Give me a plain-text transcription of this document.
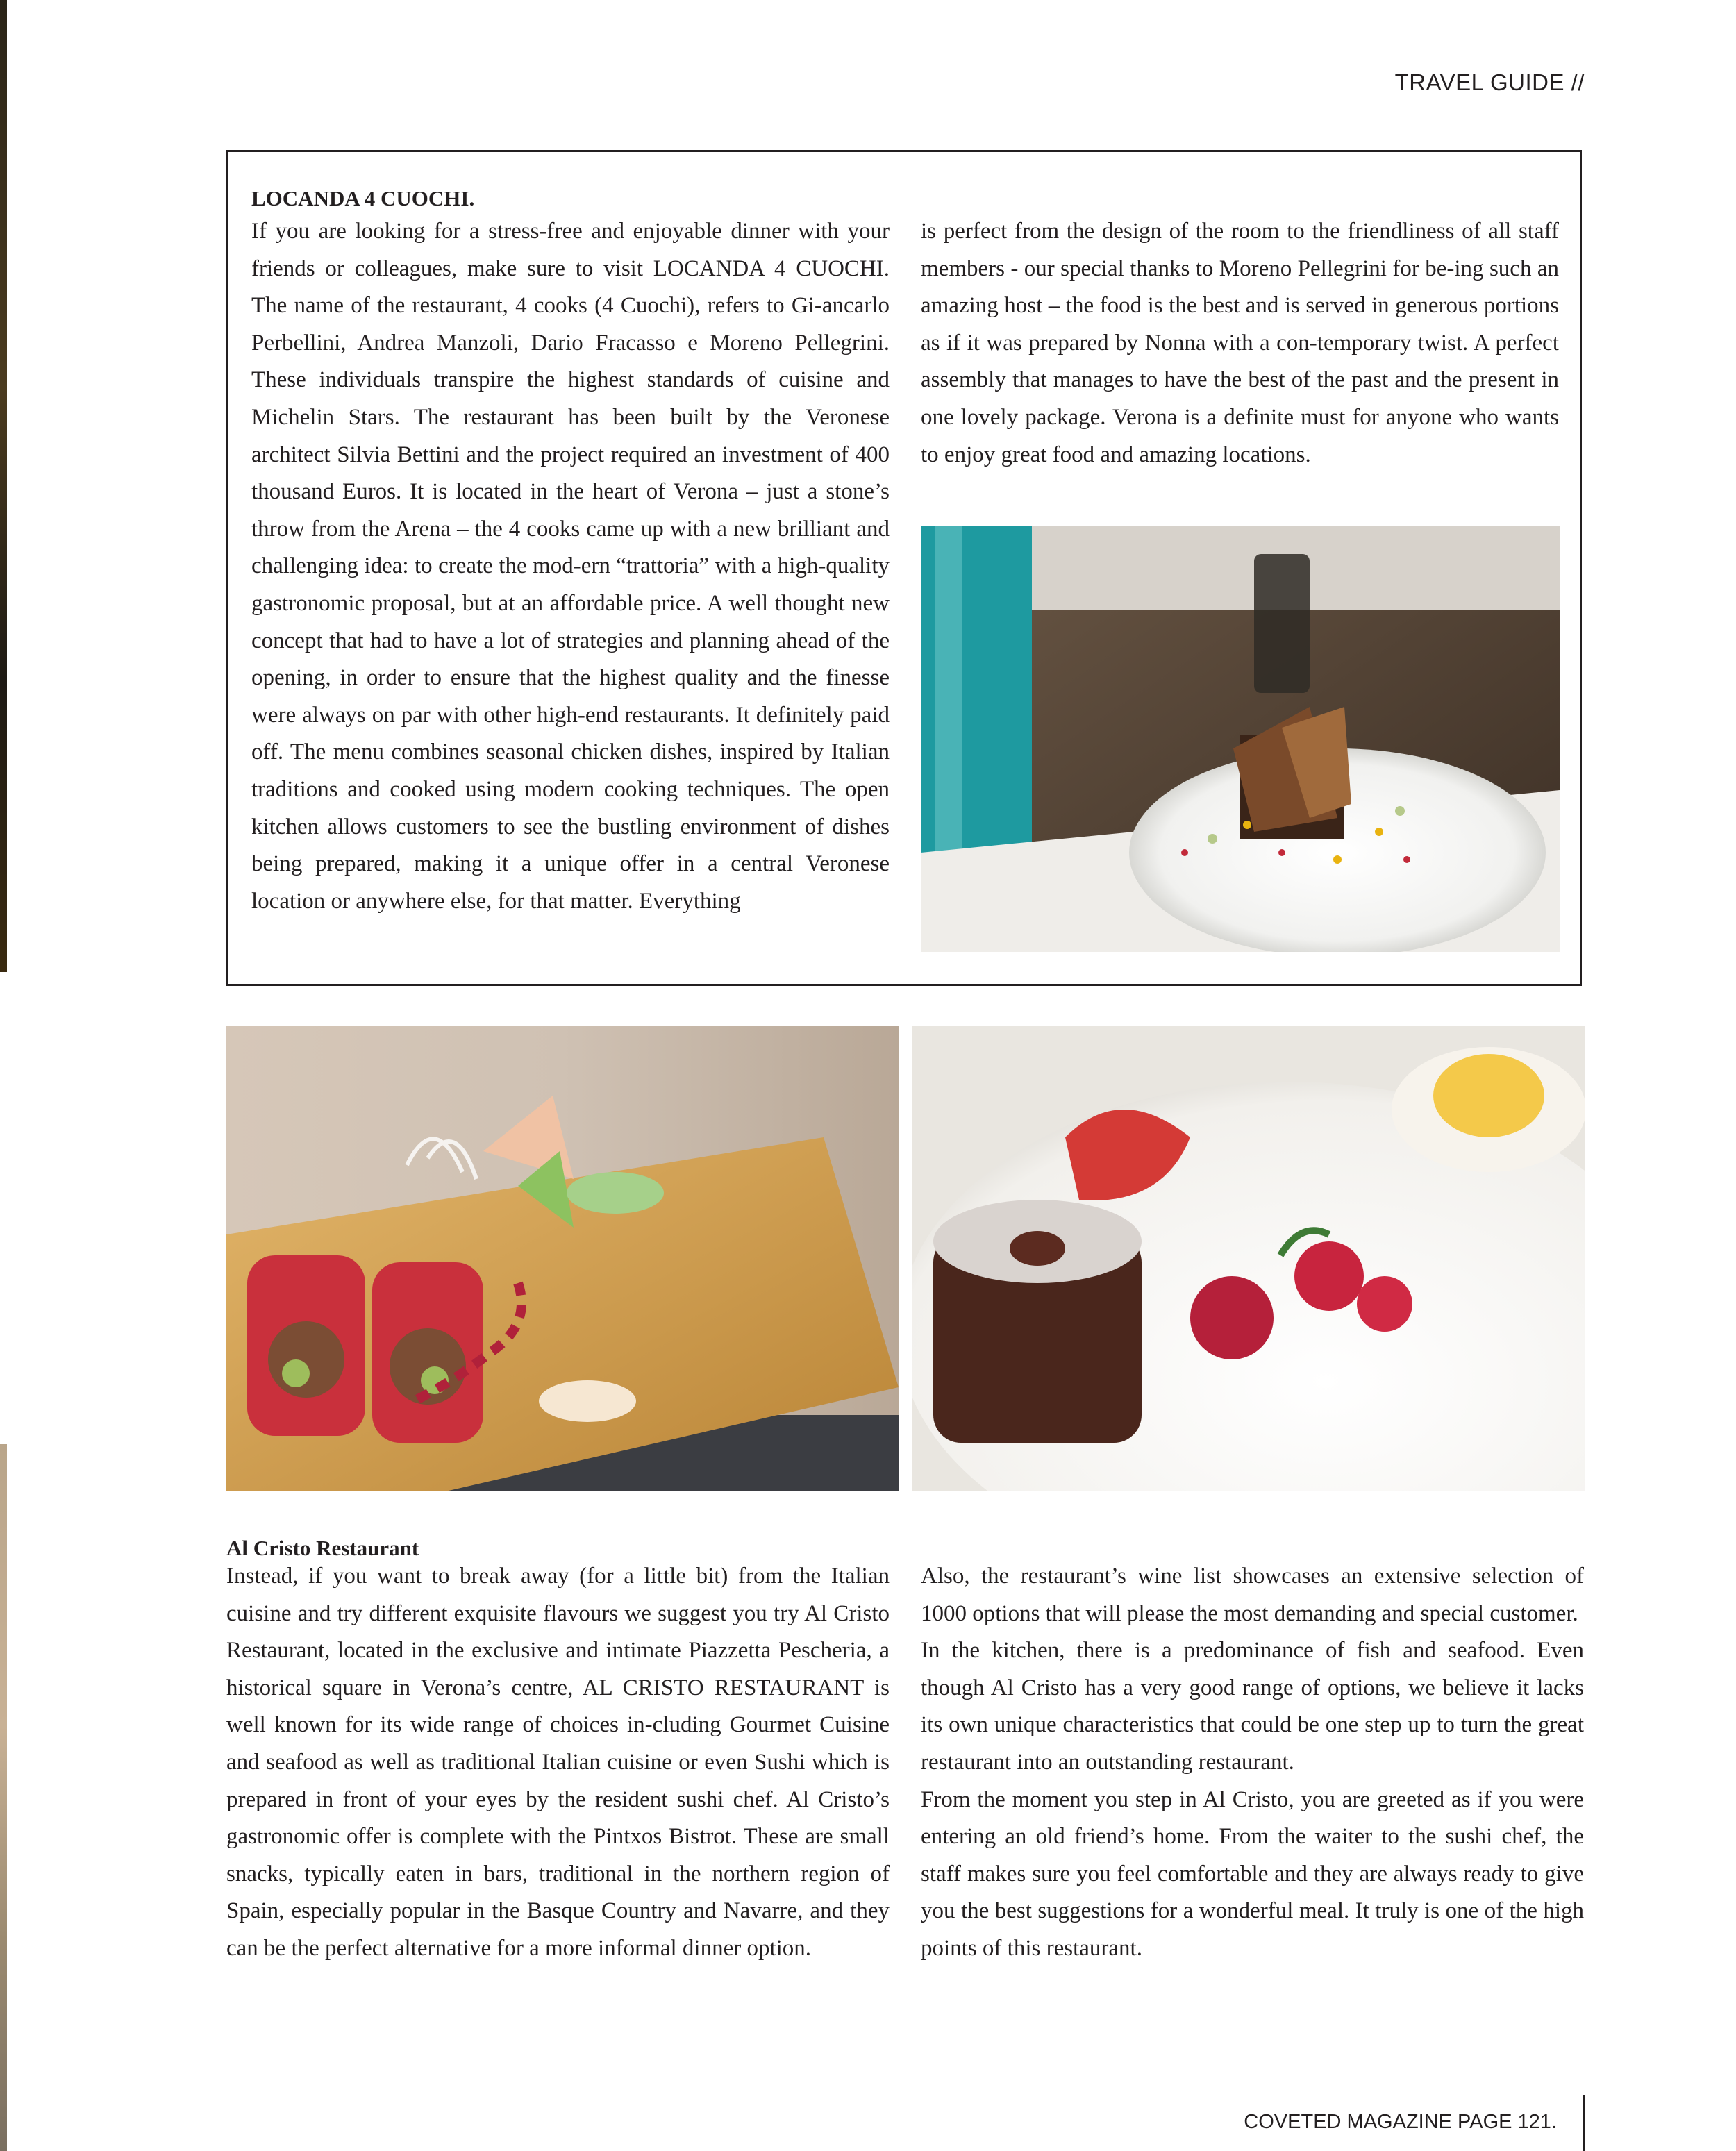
TRAVEL GUIDE //
LOCANDA 4 CUOCHI.
If you are looking for a stress-free and enjoyable dinner with your friends or colleagues, make sure to visit LOCANDA 4 CUOCHI. The name of the restaurant, 4 cooks (4 Cuochi), refers to Gi-ancarlo Perbellini, Andrea Manzoli, Dario Fracasso e Moreno Pellegrini. These individuals transpire the highest standards of cuisine and Michelin Stars. The restaurant has been built by the Veronese architect Silvia Bettini and the project required an investment of 400 thousand Euros. It is located in the heart of Verona – just a stone’s throw from the Arena – the 4 cooks came up with a new brilliant and challenging idea: to create the mod-ern “trattoria” with a high-quality gastronomic proposal, but at an affordable price. A well thought new concept that had to have a lot of strategies and planning ahead of the opening, in order to ensure that the highest quality and the finesse were always on par with other high-end restaurants. It definitely paid off. The menu combines seasonal chicken dishes, inspired by Italian traditions and cooked using modern cooking techniques. The open kitchen allows customers to see the bustling environment of dishes being prepared, making it a unique offer in a central Veronese location or anywhere else, for that matter. Everything
is perfect from the design of the room to the friendliness of all staff members - our special thanks to Moreno Pellegrini for be-ing such an amazing host – the food is the best and is served in generous portions as if it was prepared by Nonna with a con-temporary twist. A perfect assembly that manages to have the best of the past and the present in one lovely package. Verona is a definite must for anyone who wants to enjoy great food and amazing locations.
Al Cristo Restaurant
Instead, if you want to break away (for a little bit) from the Italian cuisine and try different exquisite flavours we suggest you try Al Cristo Restaurant, located in the exclusive and intimate Piazzetta Pescheria, a historical square in Verona’s centre, AL CRISTO RESTAURANT is well known for its wide range of choices in-cluding Gourmet Cuisine and seafood as well as traditional Italian cuisine or even Sushi which is prepared in front of your eyes by the resident sushi chef. Al Cristo’s gastronomic offer is complete with the Pintxos Bistrot. These are small snacks, typically eaten in bars, traditional in the northern region of Spain, especially popular in the Basque Country and Navarre, and they can be the perfect alternative for a more informal dinner option.
Also, the restaurant’s wine list showcases an extensive selection of 1000 options that will please the most demanding and special customer.
In the kitchen, there is a predominance of fish and seafood. Even though Al Cristo has a very good range of options, we believe it lacks its own unique characteristics that could be one step up to turn the great restaurant into an outstanding restaurant.
From the moment you step in Al Cristo, you are greeted as if you were entering an old friend’s home. From the waiter to the sushi chef, the staff makes sure you feel comfortable and they are always ready to give you the best suggestions for a wonderful meal. It truly is one of the high points of this restaurant.
COVETED MAGAZINE PAGE 121.
